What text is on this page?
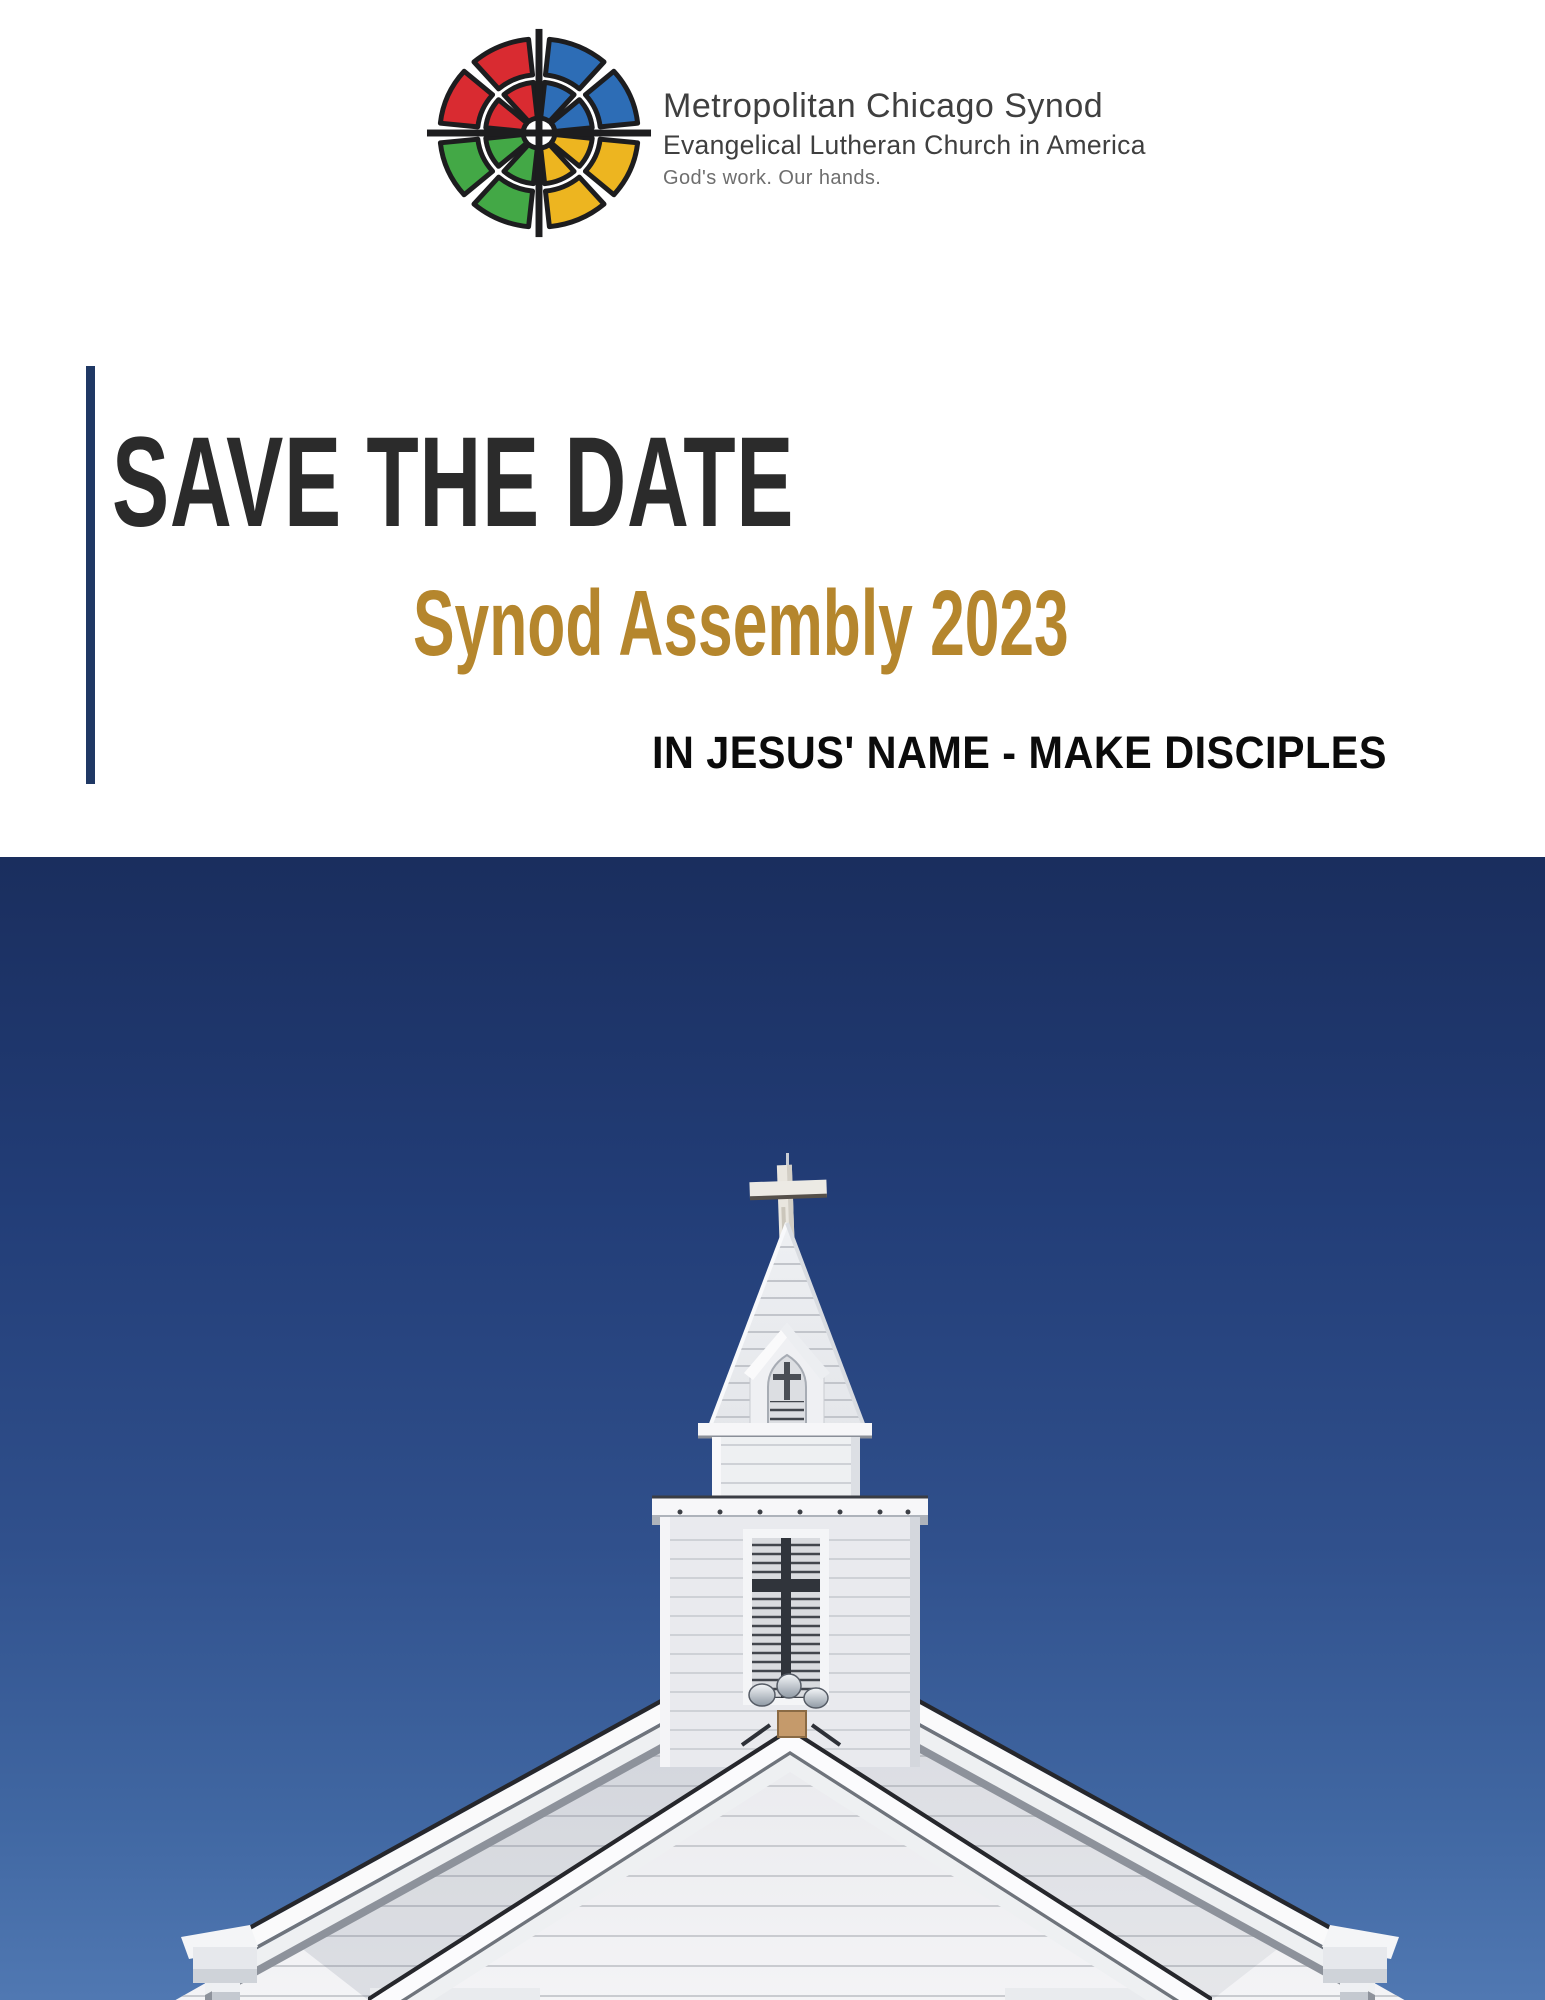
Metropolitan Chicago Synod
Evangelical Lutheran Church in America
God's work. Our hands.
SAVE THE DATE
Synod Assembly 2023
IN JESUS' NAME - MAKE DISCIPLES
